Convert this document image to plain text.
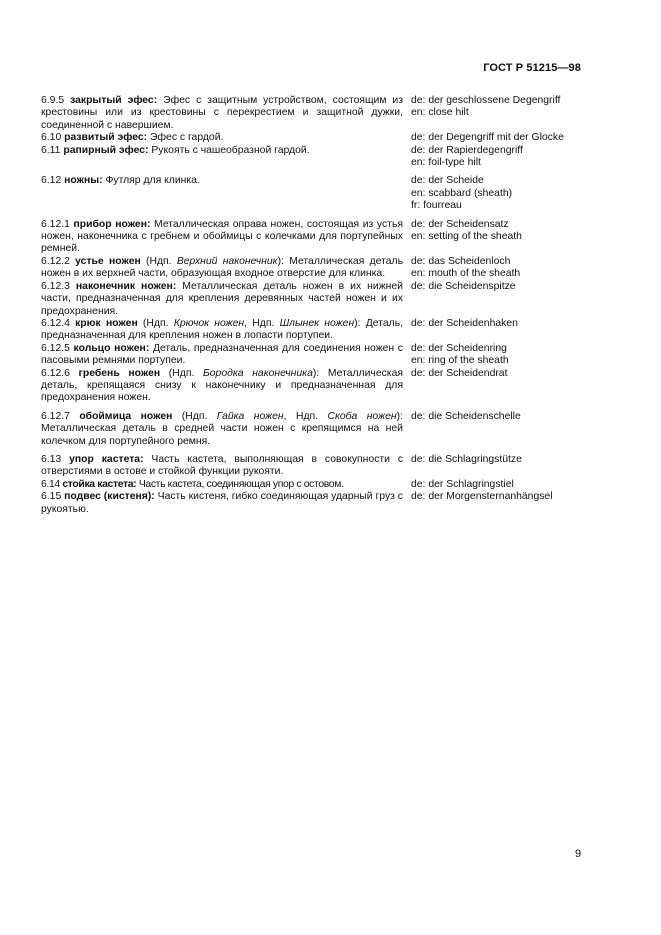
ГОСТ Р 51215—98
6.9.5 закрытый эфес: Эфес с защитным устройством, состоящим из крестовины или из крестовины с перекрестием и защитной дужки, соединенной с навершием.
de: der geschlossene Degengriff
en: close hilt
6.10 развитый эфес: Эфес с гардой.	de: der Degengriff mit der Glocke
6.11 рапирный эфес: Рукоять с чашеобразной гардой.	de: der Rapierdegengriff
en: foil-type hilt
6.12 ножны: Футляр для клинка.	de: der Scheide
en: scabbard (sheath)
fr: fourreau
6.12.1 прибор ножен: Металлическая оправа ножен, состоящая из устья ножен, наконечника с гребнем и обоймицы с колечками для портупейных ремней.
de: der Scheidensatz
en: setting of the sheath
6.12.2 устье ножен (Ндп. Верхний наконечник): Металлическая деталь ножен в их верхней части, образующая входное отверстие для клинка.
de: das Scheidenloch
en: mouth of the sheath
6.12.3 наконечник ножен: Металлическая деталь ножен в их нижней части, предназначенная для крепления деревянных частей ножен и их предохранения.
de: die Scheidenspitze
6.12.4 крюк ножен (Ндп. Крючок ножен, Ндп. Шлынек ножен): Деталь, предназначенная для крепления ножен в лопасти портупеи.
de: der Scheidenhaken
6.12.5 кольцо ножен: Деталь, предназначенная для соединения ножен с пасовыми ремнями портупеи.
de: der Scheidenring
en: ring of the sheath
6.12.6 гребень ножен (Ндп. Бородка наконечника): Металлическая деталь, крепящаяся снизу к наконечнику и предназначенная для предохранения ножен.
de: der Scheidendrat
6.12.7 обоймица ножен (Ндп. Гайка ножен, Ндп. Скоба ножен): Металлическая деталь в средней части ножен с крепящимся на ней колечком для портупейного ремня.
de: die Scheidenschelle
6.13 упор кастета: Часть кастета, выполняющая в совокупности с отверстиями в остове и стойкой функции рукояти.
de: die Schlagringstütze
6.14 стойка кастета: Часть кастета, соединяющая упор с остовом.	de: der Schlagringstiel
6.15 подвес (кистеня): Часть кистеня, гибко соединяющая ударный груз с рукоятью.
de: der Morgensternanhängsel
9
